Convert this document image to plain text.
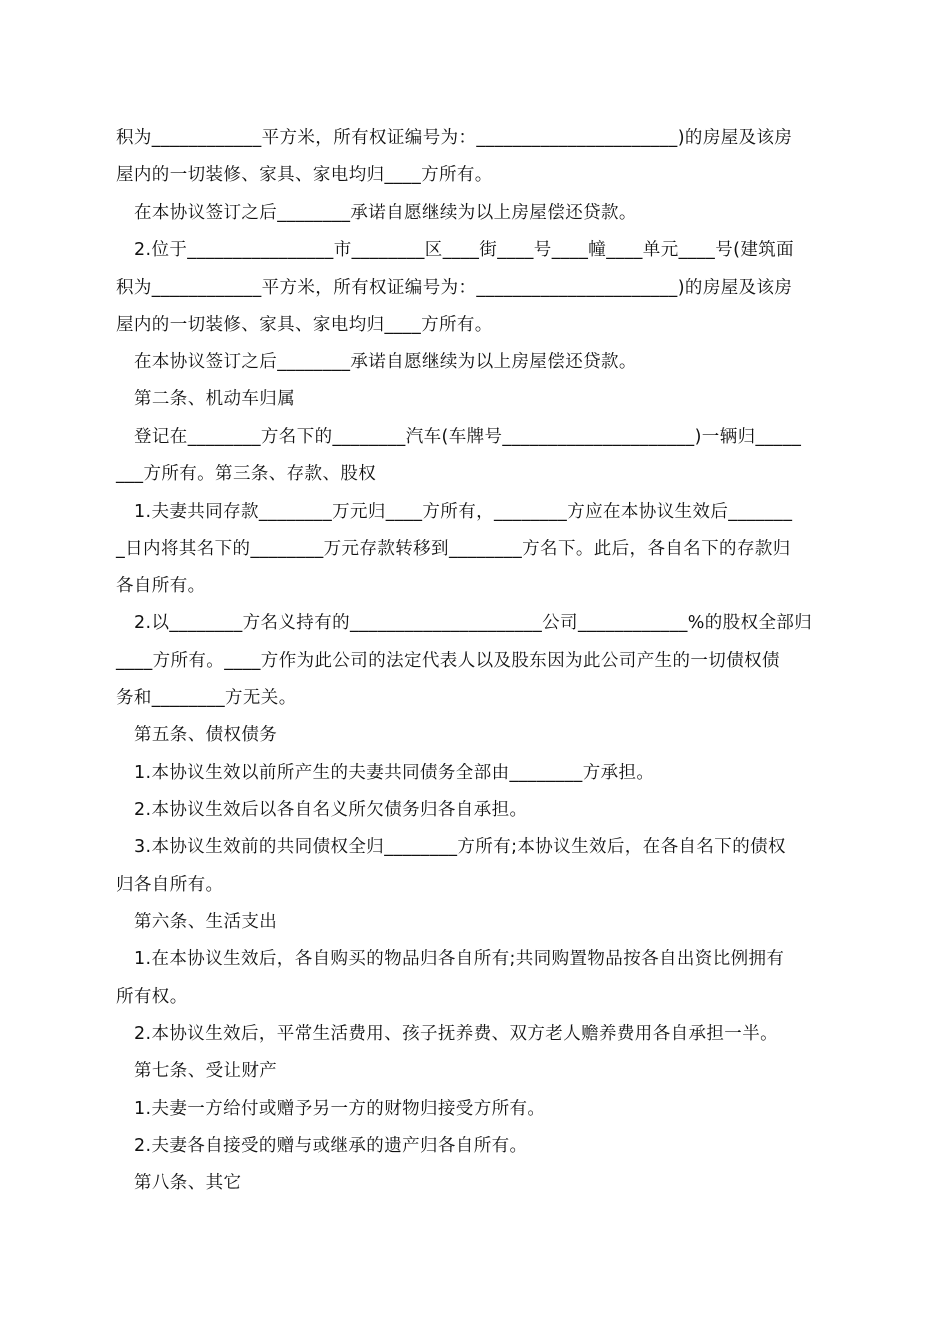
积为____________平方米，所有权证编号为：______________________)的房屋及该房
屋内的一切装修、家具、家电均归____方所有。
在本协议签订之后________承诺自愿继续为以上房屋偿还贷款。
2.位于________________市________区____街____号____幢____单元____号(建筑面
积为____________平方米，所有权证编号为：______________________)的房屋及该房
屋内的一切装修、家具、家电均归____方所有。
在本协议签订之后________承诺自愿继续为以上房屋偿还贷款。
第二条、机动车归属
登记在________方名下的________汽车(车牌号_____________________)一辆归_____
___方所有。第三条、存款、股权
1.夫妻共同存款________万元归____方所有，________方应在本协议生效后_______
_日内将其名下的________万元存款转移到________方名下。此后，各自名下的存款归
各自所有。
2.以________方名义持有的_____________________公司____________%的股权全部归
____方所有。____方作为此公司的法定代表人以及股东因为此公司产生的一切债权债
务和________方无关。
第五条、债权债务
1.本协议生效以前所产生的夫妻共同债务全部由________方承担。
2.本协议生效后以各自名义所欠债务归各自承担。
3.本协议生效前的共同债权全归________方所有;本协议生效后，在各自名下的债权
归各自所有。
第六条、生活支出
1.在本协议生效后，各自购买的物品归各自所有;共同购置物品按各自出资比例拥有
所有权。
2.本协议生效后，平常生活费用、孩子抚养费、双方老人赡养费用各自承担一半。
第七条、受让财产
1.夫妻一方给付或赠予另一方的财物归接受方所有。
2.夫妻各自接受的赠与或继承的遗产归各自所有。
第八条、其它
